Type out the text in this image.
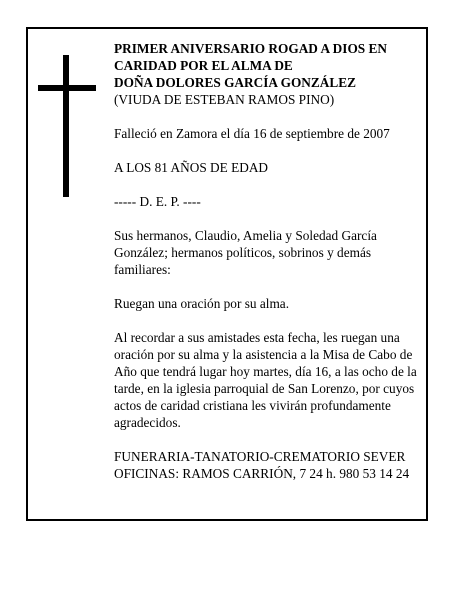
PRIMER ANIVERSARIO ROGAD A DIOS EN

CARIDAD POR EL ALMA DE

DOÑA DOLORES GARCÍA GONZÁLEZ

(VIUDA DE ESTEBAN RAMOS PINO)

Falleció en Zamora el día 16 de septiembre de 2007

A LOS 81 AÑOS DE EDAD

----- D. E. P. ----

Sus hermanos, Claudio, Amelia y Soledad García González; hermanos políticos, sobrinos y demás familiares:

Ruegan una oración por su alma.

Al recordar a sus amistades esta fecha, les ruegan una oración por su alma y la asistencia a la Misa de Cabo de Año que tendrá lugar hoy martes, día 16, a las ocho de la tarde, en la iglesia parroquial de San Lorenzo, por cuyos actos de caridad cristiana les vivirán profundamente agradecidos.

FUNERARIA-TANATORIO-CREMATORIO SEVER

OFICINAS: RAMOS CARRIÓN, 7 24 h. 980 53 14 24
